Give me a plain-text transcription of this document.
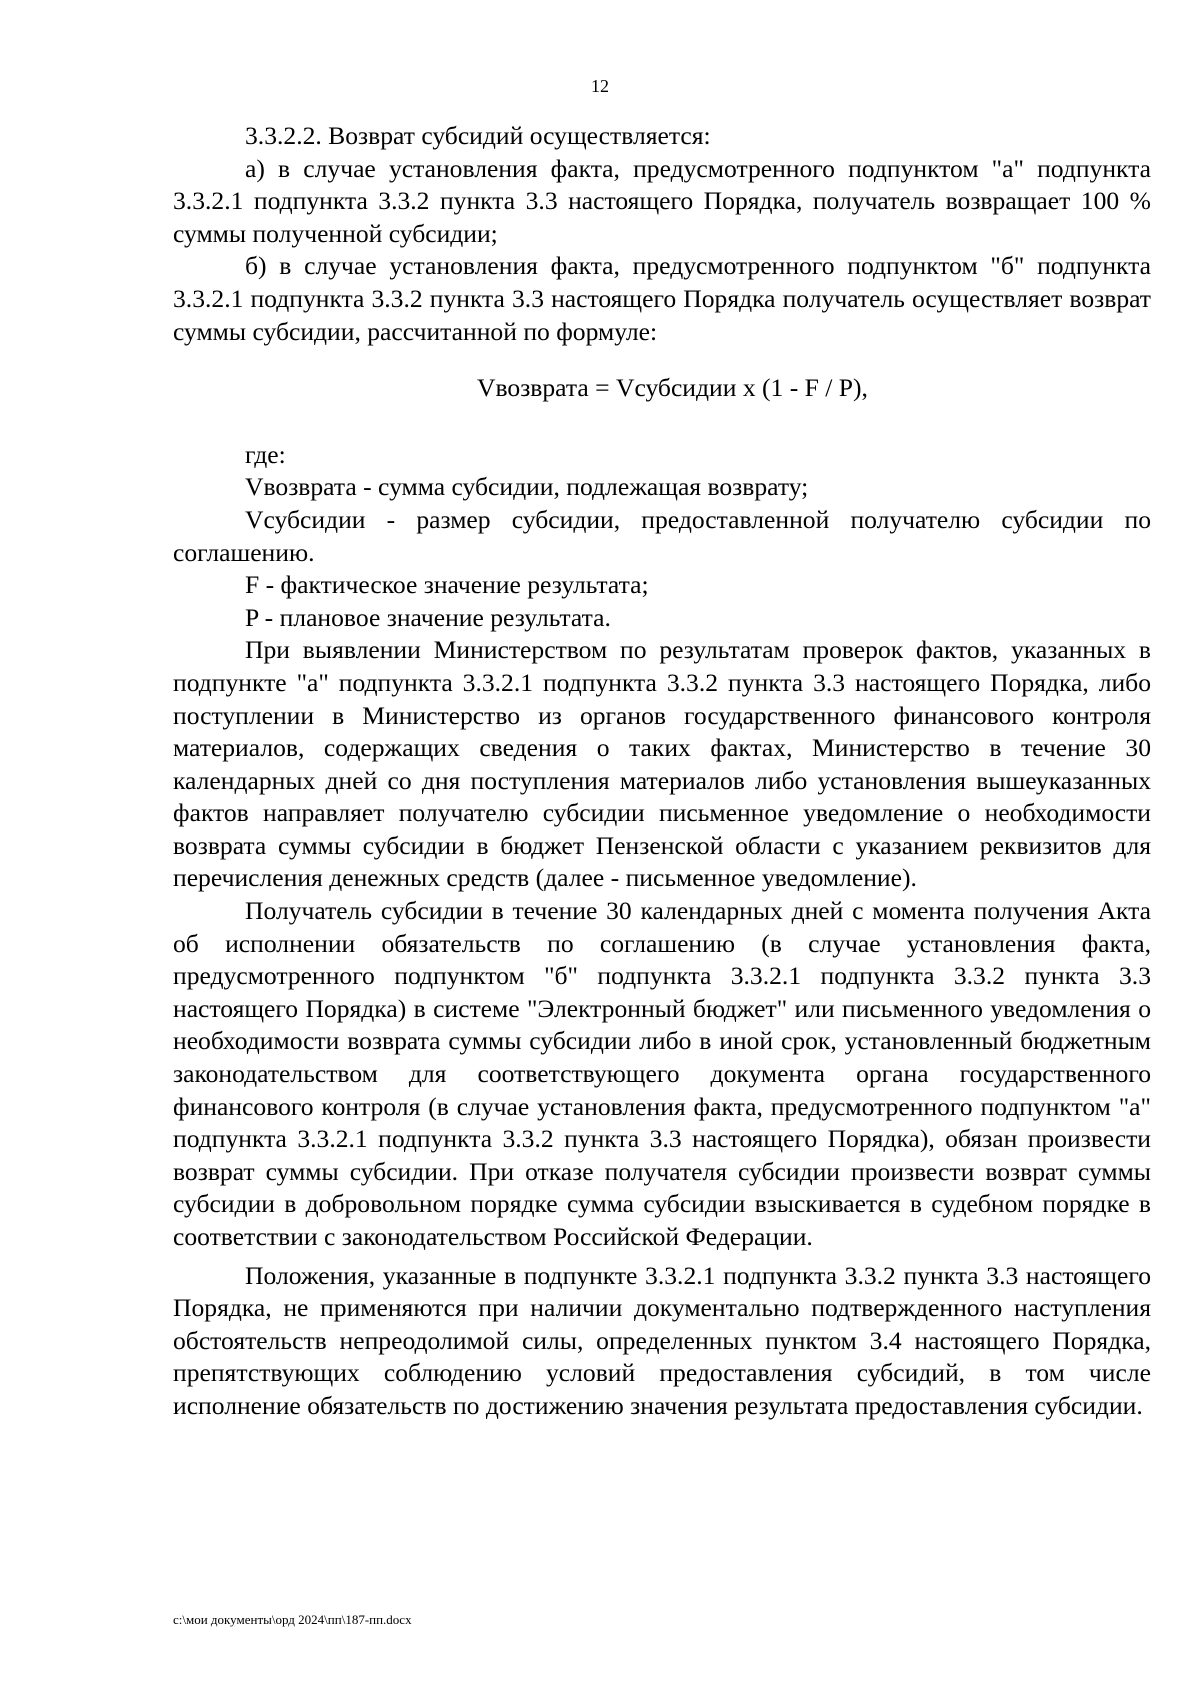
12

3.3.2.2. Возврат субсидий осуществляется:

а) в случае установления факта, предусмотренного подпунктом "а" подпункта 3.3.2.1 подпункта 3.3.2 пункта 3.3 настоящего Порядка, получатель возвращает 100 % суммы полученной субсидии;

б) в случае установления факта, предусмотренного подпунктом "б" подпункта 3.3.2.1 подпункта 3.3.2 пункта 3.3 настоящего Порядка получатель осуществляет возврат суммы субсидии, рассчитанной по формуле:

Vвозврата = Vсубсидии x (1 - F / P),

где:

Vвозврата - сумма субсидии, подлежащая возврату;

Vсубсидии - размер субсидии, предоставленной получателю субсидии по соглашению.

F - фактическое значение результата;

P - плановое значение результата.

При выявлении Министерством по результатам проверок фактов, указанных в подпункте "а" подпункта 3.3.2.1 подпункта 3.3.2 пункта 3.3 настоящего Порядка, либо поступлении в Министерство из органов государственного финансового контроля материалов, содержащих сведения о таких фактах, Министерство в течение 30 календарных дней со дня поступления материалов либо установления вышеуказанных фактов направляет получателю субсидии письменное уведомление о необходимости возврата суммы субсидии в бюджет Пензенской области с указанием реквизитов для перечисления денежных средств (далее - письменное уведомление).

Получатель субсидии в течение 30 календарных дней с момента получения Акта об исполнении обязательств по соглашению (в случае установления факта, предусмотренного подпунктом "б" подпункта 3.3.2.1 подпункта 3.3.2 пункта 3.3 настоящего Порядка) в системе "Электронный бюджет" или письменного уведомления о необходимости возврата суммы субсидии либо в иной срок, установленный бюджетным законодательством для соответствующего документа органа государственного финансового контроля (в случае установления факта, предусмотренного подпунктом "а" подпункта 3.3.2.1 подпункта 3.3.2 пункта 3.3 настоящего Порядка), обязан произвести возврат суммы субсидии. При отказе получателя субсидии произвести возврат суммы субсидии в добровольном порядке сумма субсидии взыскивается в судебном порядке в соответствии с законодательством Российской Федерации.

Положения, указанные в подпункте 3.3.2.1 подпункта 3.3.2 пункта 3.3 настоящего Порядка, не применяются при наличии документально подтвержденного наступления обстоятельств непреодолимой силы, определенных пунктом 3.4 настоящего Порядка, препятствующих соблюдению условий предоставления субсидий, в том числе исполнение обязательств по достижению значения результата предоставления субсидии.

c:\мои документы\орд 2024\пп\187-пп.docx
